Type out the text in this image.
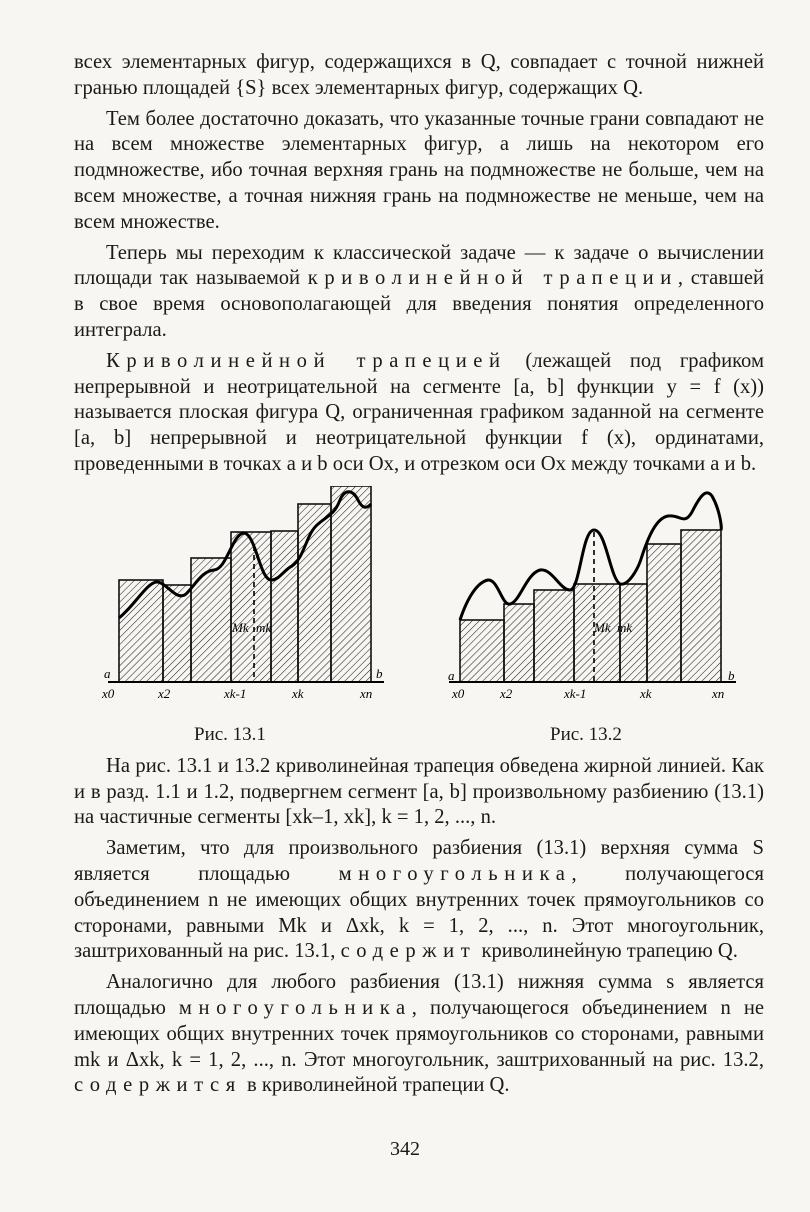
всех элементарных фигур, содержащихся в Q, совпадает с точной нижней гранью площадей {S} всех элементарных фигур, содержащих Q.

Тем более достаточно доказать, что указанные точные грани совпадают не на всем множестве элементарных фигур, а лишь на некотором его подмножестве, ибо точная верхняя грань на подмножестве не больше, чем на всем множестве, а точная нижняя грань на подмножестве не меньше, чем на всем множестве.

Теперь мы переходим к классической задаче — к задаче о вычислении площади так называемой криволинейной трапеции, ставшей в свое время основополагающей для введения понятия определенного интеграла.

Криволинейной трапецией (лежащей под графиком непрерывной и неотрицательной на сегменте [a, b] функции y = f (x)) называется плоская фигура Q, ограниченная графиком заданной на сегменте [a, b] непрерывной и неотрицательной функции f (x), ординатами, проведенными в точках a и b оси Ox, и отрезком оси Ox между точками a и b.

Mk mk
a	b
x0	x2	xk-1	xk	xn
Mk mk
a	b
x0	x2	xk-1	xk	xn
Рис. 13.1	Рис. 13.2

На рис. 13.1 и 13.2 криволинейная трапеция обведена жирной линией. Как и в разд. 1.1 и 1.2, подвергнем сегмент [a, b] произвольному разбиению (13.1) на частичные сегменты [xk–1, xk], k = 1, 2, ..., n.

Заметим, что для произвольного разбиения (13.1) верхняя сумма S является площадью многоугольника, получающегося объединением n не имеющих общих внутренних точек прямоугольников со сторонами, равными Mk и Δxk, k = 1, 2, ..., n. Этот многоугольник, заштрихованный на рис. 13.1, содержит криволинейную трапецию Q.

Аналогично для любого разбиения (13.1) нижняя сумма s является площадью многоугольника, получающегося объединением n не имеющих общих внутренних точек прямоугольников со сторонами, равными mk и Δxk, k = 1, 2, ..., n. Этот многоугольник, заштрихованный на рис. 13.2, содержится в криволинейной трапеции Q.

342
